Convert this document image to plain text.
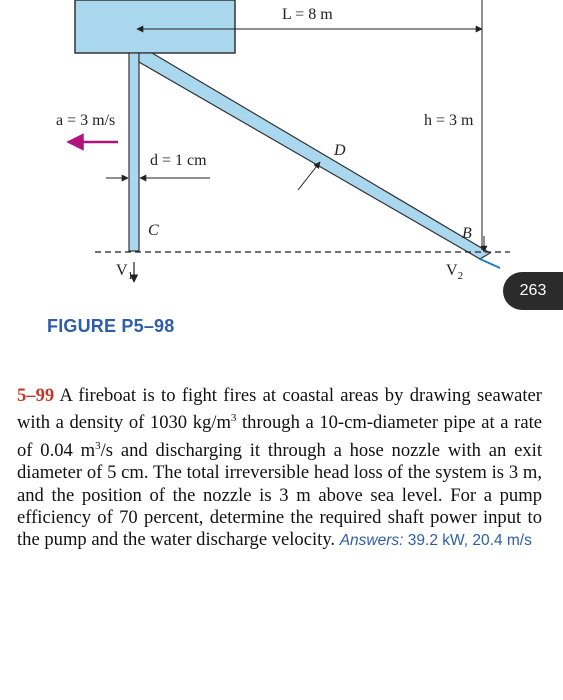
L = 8 m
a = 3 m/s	h = 3 m
d = 1 cm
D
C	B
$V_1$	$V_2$
263
FIGURE P5–98
5–99 A fireboat is to fight fires at coastal areas by drawing seawater with a density of 1030 $kg/m^3$ through a 10-cm-diameter pipe at a rate of 0.04 $m^3/s$ and discharging it through a hose nozzle with an exit diameter of 5 cm. The total irreversible head loss of the system is 3 m, and the position of the nozzle is 3 m above sea level. For a pump efficiency of 70 percent, determine the required shaft power input to the pump and the water discharge velocity. Answers: 39.2 kW, 20.4 m/s
